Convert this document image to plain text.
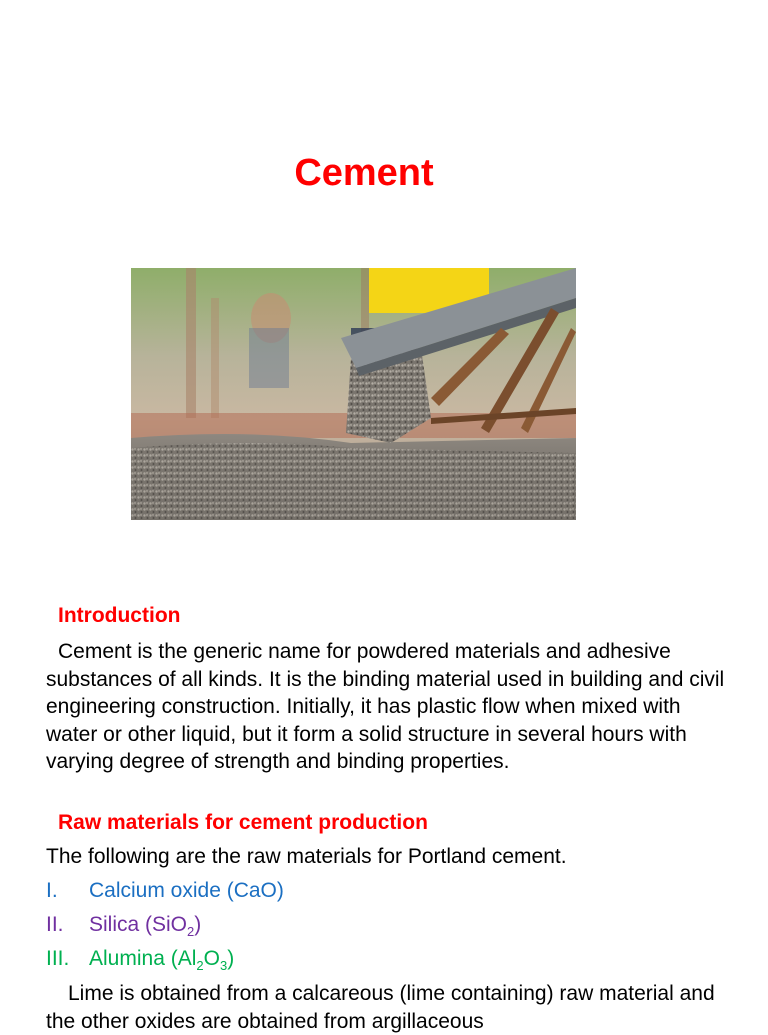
Cement
Introduction
Cement is the generic name for powdered materials and adhesive substances of all kinds. It is the binding material used in building and civil engineering construction. Initially, it has plastic flow when mixed with water or other liquid, but it form a solid structure in several hours with varying degree of strength and binding properties.
Raw materials for cement production
The following are the raw materials for Portland cement.
I. Calcium oxide (CaO)
II. Silica (SiO$_2$)
III. Alumina $(Al_2O_3)$
Lime is obtained from a calcareous (lime containing) raw material and the other oxides are obtained from argillaceous
